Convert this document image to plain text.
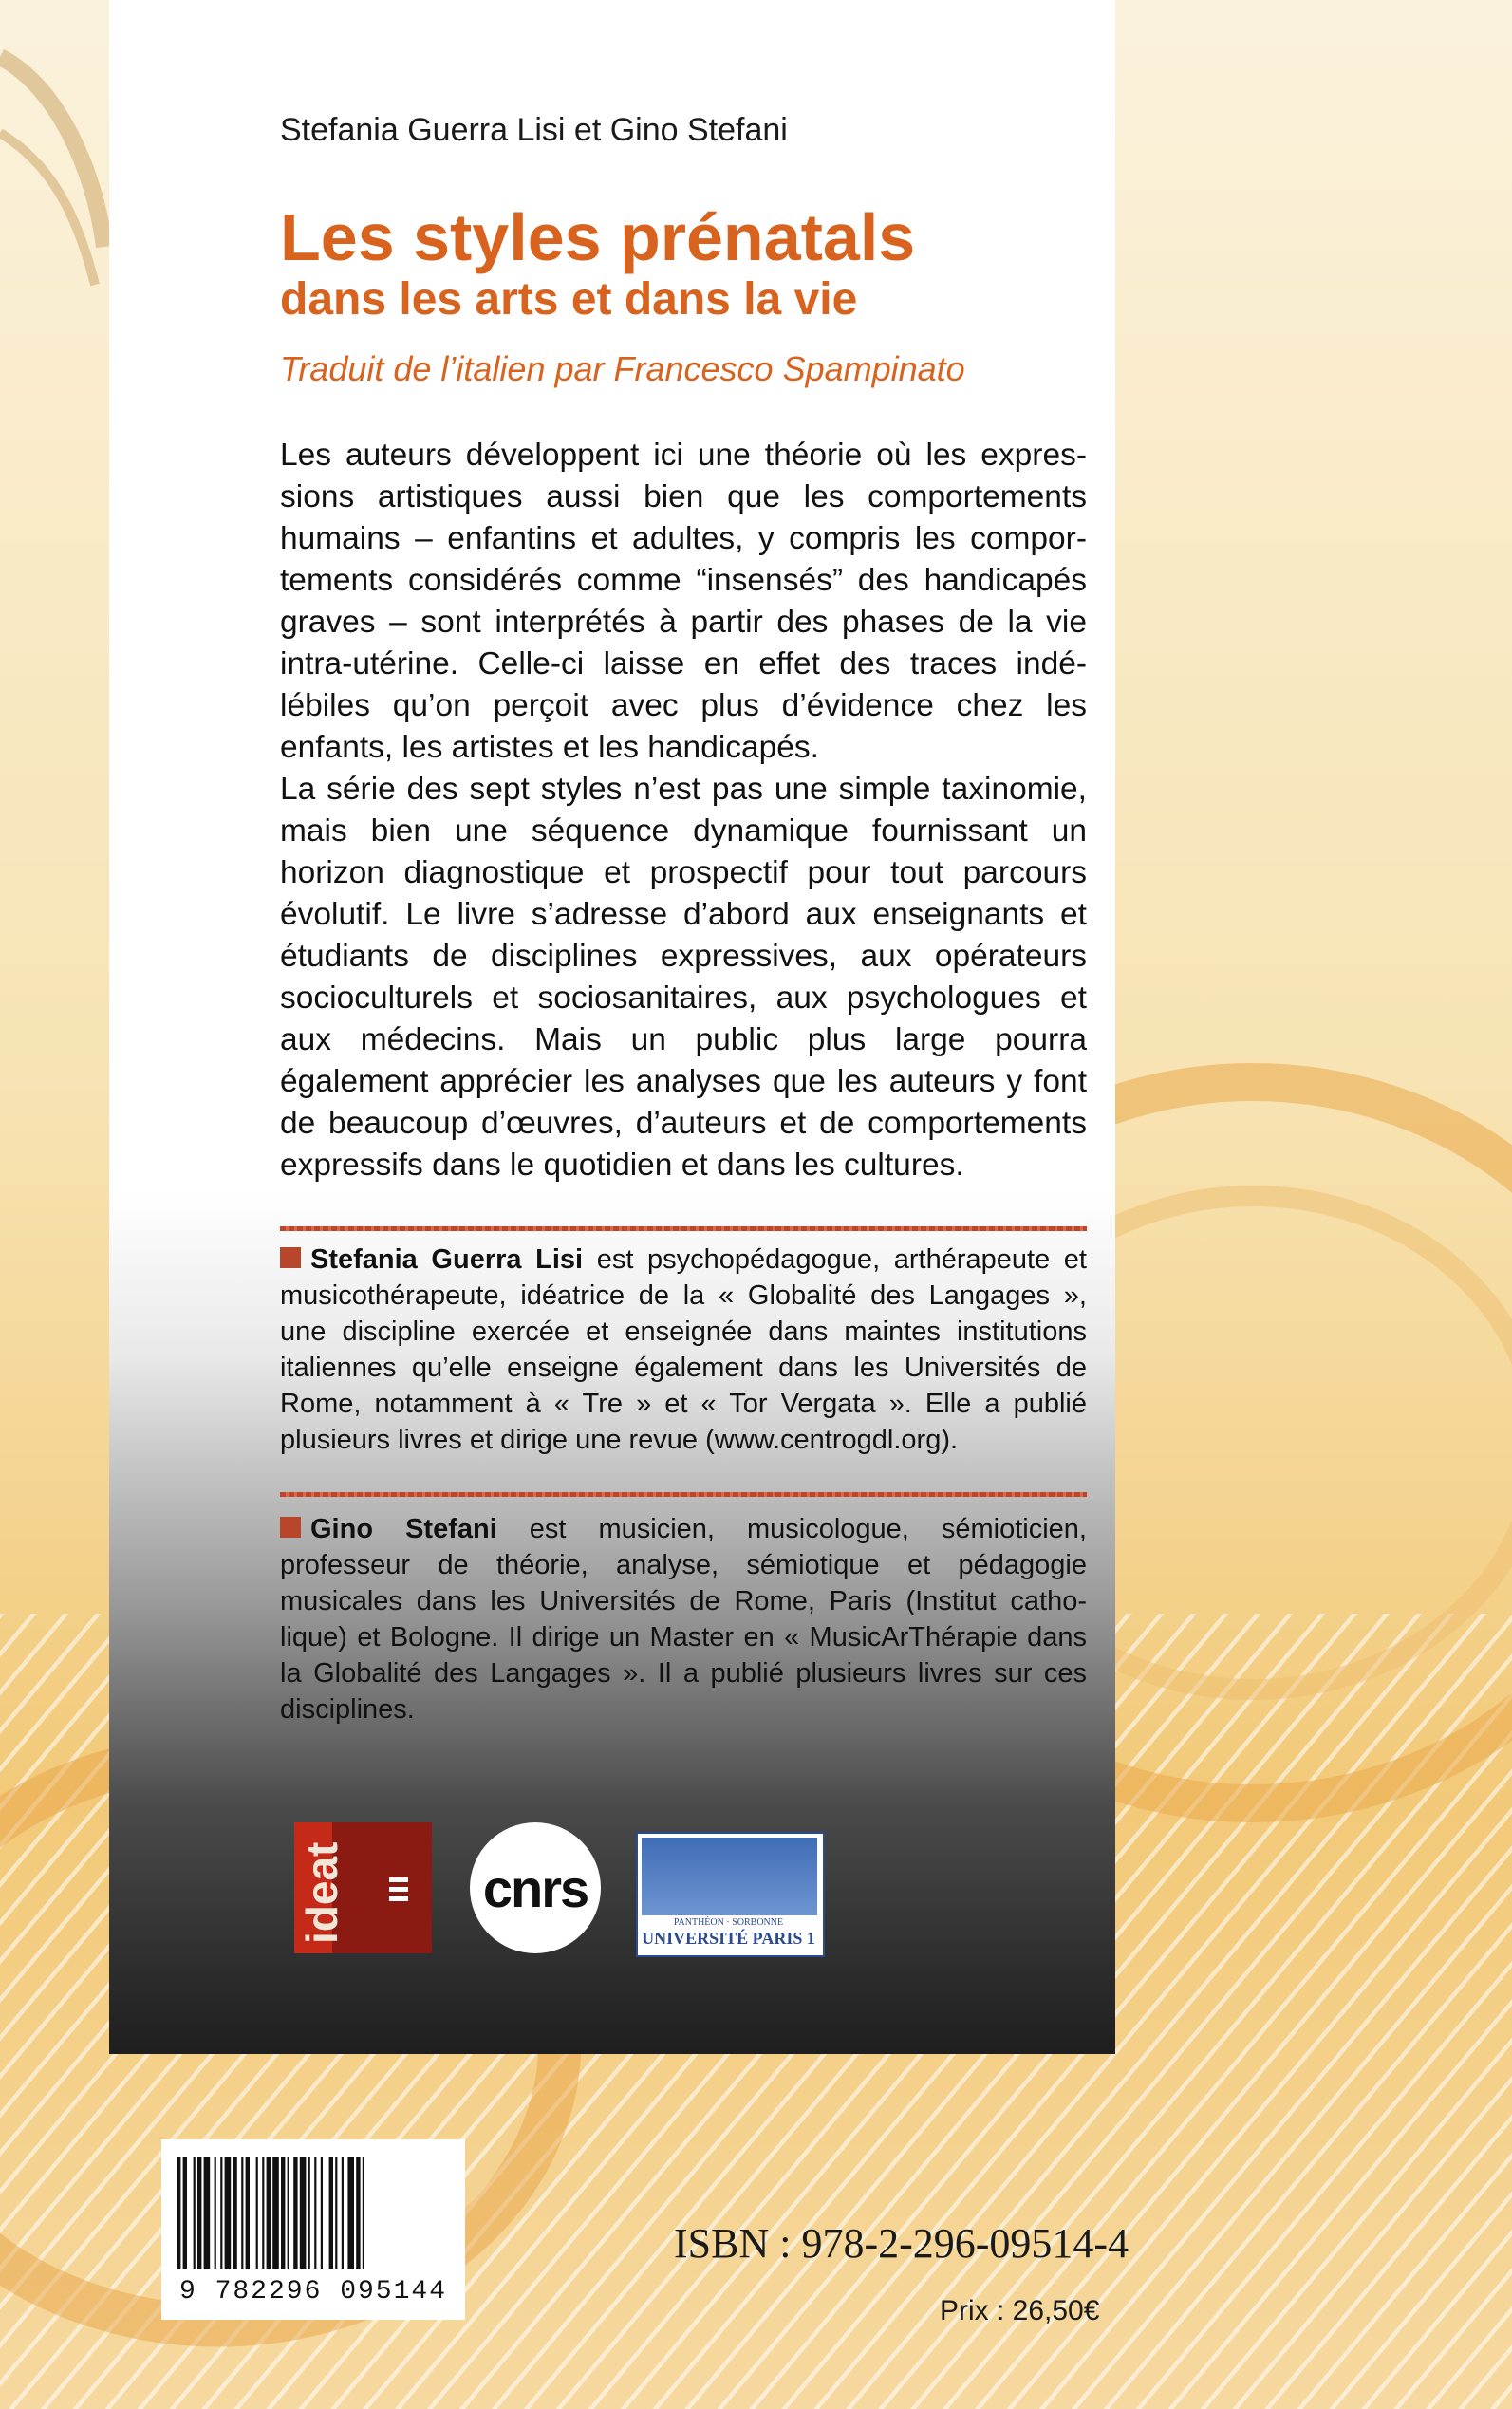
Stefania Guerra Lisi et Gino Stefani
Les styles prénatals
dans les arts et dans la vie
Traduit de l’italien par Francesco Spampinato

Les auteurs développent ici une théorie où les expressions artistiques aussi bien que les comportements humains – enfantins et adultes, y compris les comportements considérés comme “insensés” des handicapés graves – sont interprétés à partir des phases de la vie intra-utérine. Celle-ci laisse en effet des traces indélébiles qu’on perçoit avec plus d’évidence chez les enfants, les artistes et les handicapés.

La série des sept styles n’est pas une simple taxinomie, mais bien une séquence dynamique fournissant un horizon diagnostique et prospectif pour tout parcours évolutif. Le livre s’adresse d’abord aux enseignants et étudiants de disciplines expressives, aux opérateurs socioculturels et sociosanitaires, aux psychologues et aux médecins. Mais un public plus large pourra également apprécier les analyses que les auteurs y font de beaucoup d’œuvres, d’auteurs et de comportements expressifs dans le quotidien et dans les cultures.

Stefania Guerra Lisi est psychopédagogue, arthérapeute et musicothérapeute, idéatrice de la « Globalité des Langages », une discipline exercée et enseignée dans maintes institutions italiennes qu’elle enseigne également dans les Universités de Rome, notamment à « Tre » et « Tor Vergata ». Elle a publié plusieurs livres et dirige une revue (www.centrogdl.org).
Gino Stefani est musicien, musicologue, sémioticien, professeur de théorie, analyse, sémiotique et pédagogie musicales dans les Universités de Rome, Paris (Institut catholique) et Bologne. Il dirige un Master en « MusicArThérapie dans la Globalité des Langages ». Il a publié plusieurs livres sur ces disciplines.
ideat	cnrs
PANTHÉON · SORBONNE
UNIVERSITÉ PARIS 1
9 782296 095144
ISBN : 978-2-296-09514-4
Prix : 26,50€
